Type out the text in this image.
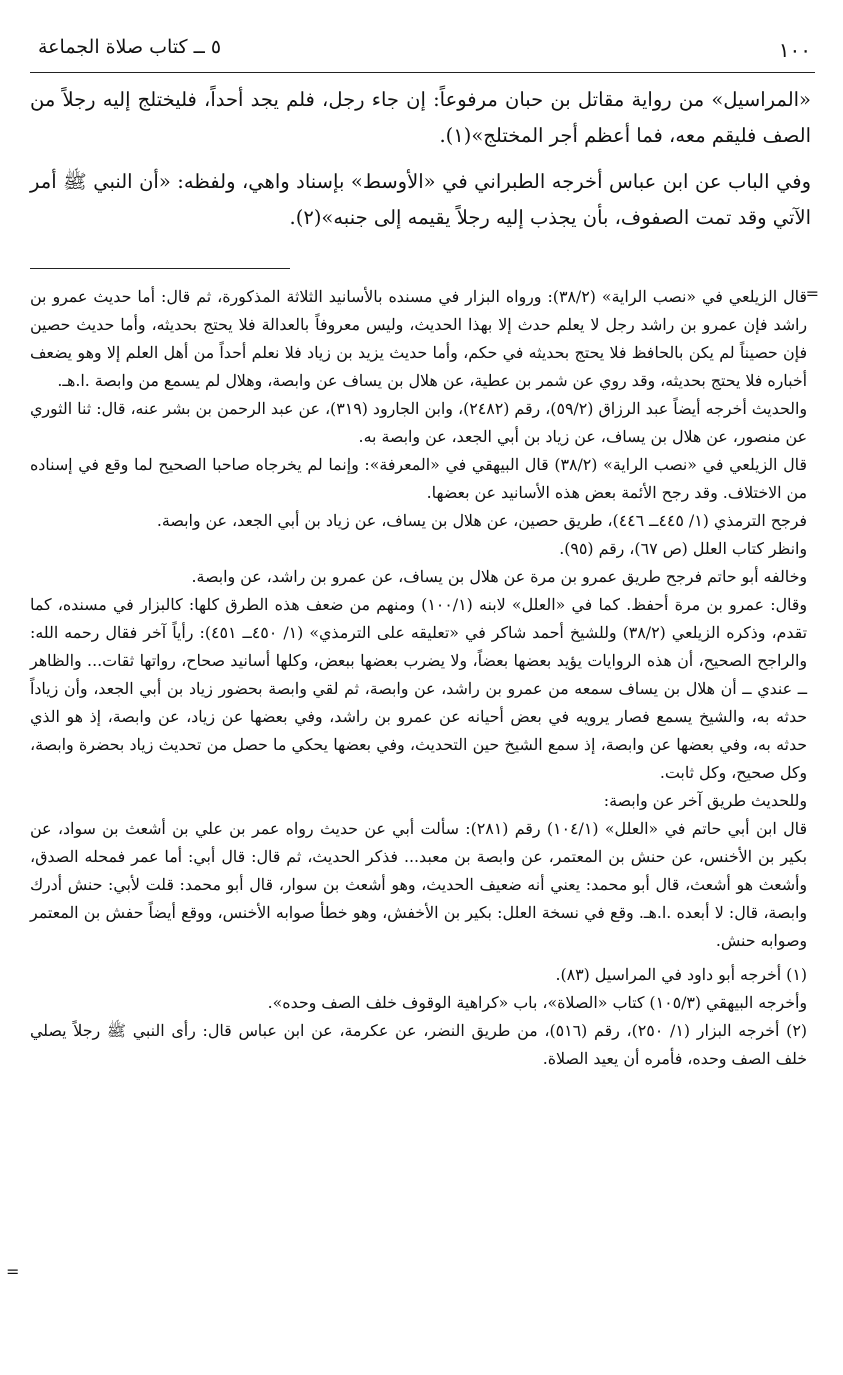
٥ ــ كتاب صلاة الجماعة	١٠٠

«المراسيل» من رواية مقاتل بن حبان مرفوعاً: إن جاء رجل، فلم يجد أحداً، فليختلج إليه رجلاً من الصف فليقم معه، فما أعظم أجر المختلج»(١).

وفي الباب عن ابن عباس أخرجه الطبراني في «الأوسط» بإسناد واهي، ولفظه: «أن النبي ﷺ أمر الآتي وقد تمت الصفوف، بأن يجذب إليه رجلاً يقيمه إلى جنبه»(٢).

=

قال الزيلعي في «نصب الراية» (٣٨/٢): ورواه البزار في مسنده بالأسانيد الثلاثة المذكورة، ثم قال: أما حديث عمرو بن راشد فإن عمرو بن راشد رجل لا يعلم حدث إلا بهذا الحديث، وليس معروفاً بالعدالة فلا يحتج بحديثه، وأما حديث حصين فإن حصيناً لم يكن بالحافظ فلا يحتج بحديثه في حكم، وأما حديث يزيد بن زياد فلا نعلم أحداً من أهل العلم إلا وهو يضعف أخباره فلا يحتج بحديثه، وقد روي عن شمر بن عطية، عن هلال بن يساف عن وابصة، وهلال لم يسمع من وابصة .ا.هـ.

والحديث أخرجه أيضاً عبد الرزاق (٥٩/٢)، رقم (٢٤٨٢)، وابن الجارود (٣١٩)، عن عبد الرحمن بن بشر عنه، قال: ثنا الثوري عن منصور، عن هلال بن يساف، عن زياد بن أبي الجعد، عن وابصة به.

قال الزيلعي في «نصب الراية» (٣٨/٢) قال البيهقي في «المعرفة»: وإنما لم يخرجاه صاحبا الصحيح لما وقع في إسناده من الاختلاف. وقد رجح الأئمة بعض هذه الأسانيد عن بعضها.

فرجح الترمذي (١/ ٤٤٥ــ ٤٤٦)، طريق حصين، عن هلال بن يساف، عن زياد بن أبي الجعد، عن وابصة.

وانظر كتاب العلل (ص ٦٧)، رقم (٩٥).

وخالفه أبو حاتم فرجح طريق عمرو بن مرة عن هلال بن يساف، عن عمرو بن راشد، عن وابصة.

وقال: عمرو بن مرة أحفظ. كما في «العلل» لابنه (١٠٠/١) ومنهم من ضعف هذه الطرق كلها: كالبزار في مسنده، كما تقدم، وذكره الزيلعي (٣٨/٢) وللشيخ أحمد شاكر في «تعليقه على الترمذي» (١/ ٤٥٠ــ ٤٥١): رأياً آخر فقال رحمه الله: والراجح الصحيح، أن هذه الروايات يؤيد بعضها بعضاً، ولا يضرب بعضها ببعض، وكلها أسانيد صحاح، رواتها ثقات... والظاهر ــ عندي ــ أن هلال بن يساف سمعه من عمرو بن راشد، عن وابصة، ثم لقي وابصة بحضور زياد بن أبي الجعد، وأن زياداً حدثه به، والشيخ يسمع فصار يرويه في بعض أحيانه عن عمرو بن راشد، وفي بعضها عن زياد، عن وابصة، إذ هو الذي حدثه به، وفي بعضها عن وابصة، إذ سمع الشيخ حين التحديث، وفي بعضها يحكي ما حصل من تحديث زياد بحضرة وابصة، وكل صحيح، وكل ثابت.

وللحديث طريق آخر عن وابصة:

قال ابن أبي حاتم في «العلل» (١٠٤/١) رقم (٢٨١): سألت أبي عن حديث رواه عمر بن علي بن أشعث بن سواد، عن بكير بن الأخنس، عن حنش بن المعتمر، عن وابصة بن معبد... فذكر الحديث، ثم قال: قال أبي: أما عمر فمحله الصدق، وأشعث هو أشعث، قال أبو محمد: يعني أنه ضعيف الحديث، وهو أشعث بن سوار، قال أبو محمد: قلت لأبي: حنش أدرك وابصة، قال: لا أبعده .ا.هـ. وقع في نسخة العلل: بكير بن الأخفش، وهو خطأ صوابه الأخنس، ووقع أيضاً حفش بن المعتمر وصوابه حنش.

(١) أخرجه أبو داود في المراسيل (٨٣).

وأخرجه البيهقي (١٠٥/٣) كتاب «الصلاة»، باب «كراهية الوقوف خلف الصف وحده».

(٢) أخرجه البزار (١/ ٢٥٠)، رقم (٥١٦)، من طريق النضر، عن عكرمة، عن ابن عباس قال: رأى النبي ﷺ رجلاً يصلي خلف الصف وحده، فأمره أن يعيد الصلاة.

=
